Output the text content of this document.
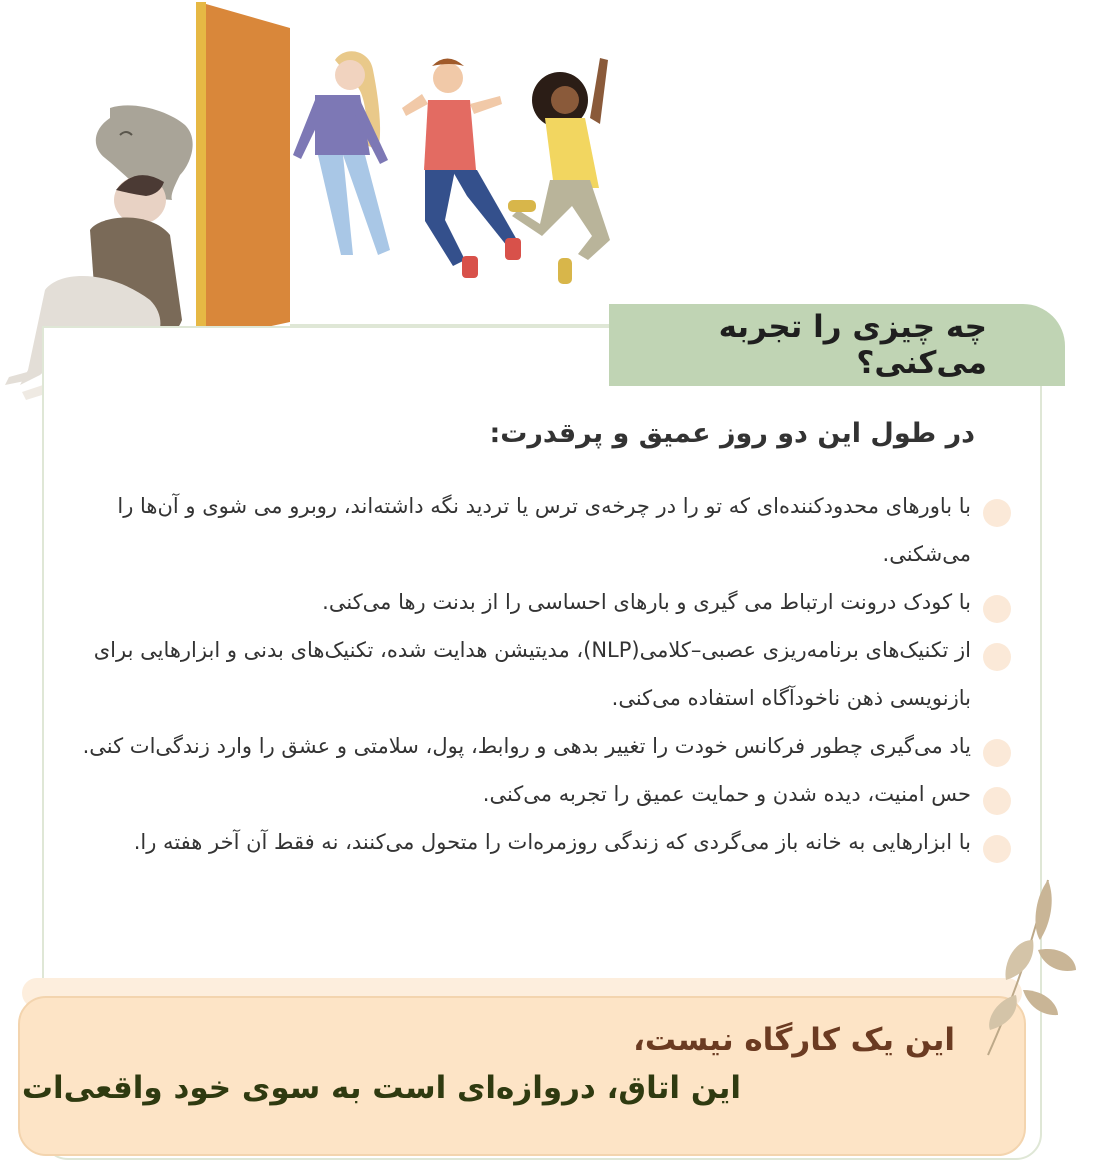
چه چیزی را تجربه می‌کنی؟
در طول این دو روز عمیق و پرقدرت:
با باورهای محدودکننده‌ای که تو را در چرخه‌ی ترس یا تردید نگه داشته‌اند، روبرو می شوی و آن‌ها را می‌شکنی.
با کودک درونت ارتباط می گیری و بارهای احساسی را از بدنت رها می‌کنی.
از تکنیک‌های برنامه‌ریزی عصبی–کلامی(NLP)، مدیتیشن هدایت شده، تکنیک‌های بدنی و ابزارهایی برای بازنویسی ذهن ناخودآگاه استفاده می‌کنی.
یاد می‌گیری چطور فرکانس خودت را تغییر بدهی و روابط، پول، سلامتی و عشق را وارد زندگی‌ات کنی.
حس امنیت، دیده شدن و حمایت عمیق را تجربه می‌کنی.
با ابزارهایی به خانه باز می‌گردی که زندگی روزمره‌ات را متحول می‌کنند، نه فقط آن آخر هفته را.
این یک کارگاه نیست،
این اتاق، دروازه‌ای است به سوی خود واقعی‌ات
